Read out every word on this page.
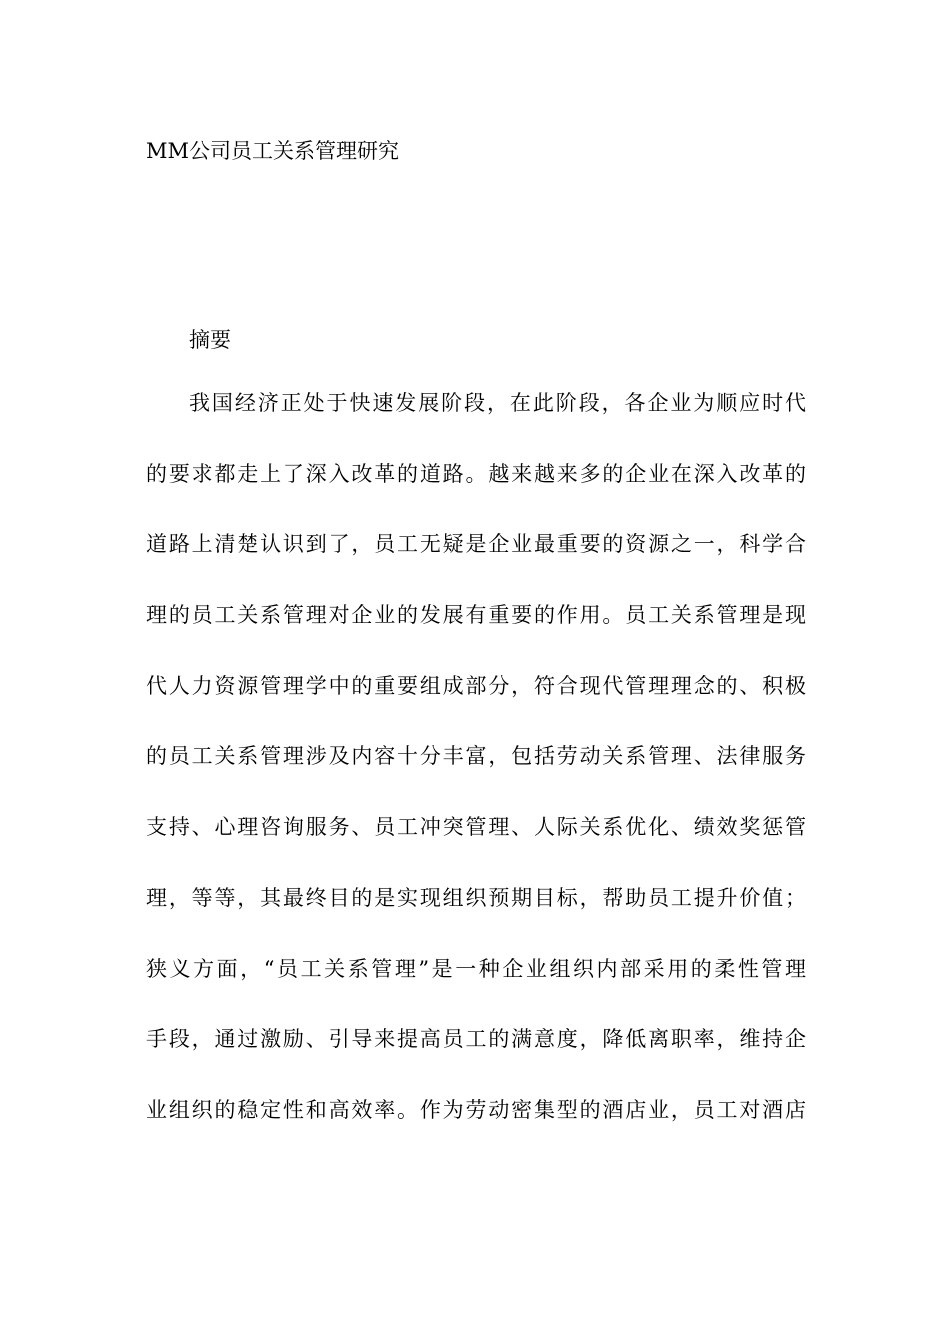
MM公司员工关系管理研究
摘要
我国经济正处于快速发展阶段，在此阶段，各企业为顺应时代
的要求都走上了深入改革的道路。越来越来多的企业在深入改革的
道路上清楚认识到了，员工无疑是企业最重要的资源之一，科学合
理的员工关系管理对企业的发展有重要的作用。员工关系管理是现
代人力资源管理学中的重要组成部分，符合现代管理理念的、积极
的员工关系管理涉及内容十分丰富，包括劳动关系管理、法律服务
支持、心理咨询服务、员工冲突管理、人际关系优化、绩效奖惩管
理，等等，其最终目的是实现组织预期目标，帮助员工提升价值；
狭义方面，“员工关系管理”是一种企业组织内部采用的柔性管理
手段，通过激励、引导来提高员工的满意度，降低离职率，维持企
业组织的稳定性和高效率。作为劳动密集型的酒店业，员工对酒店
